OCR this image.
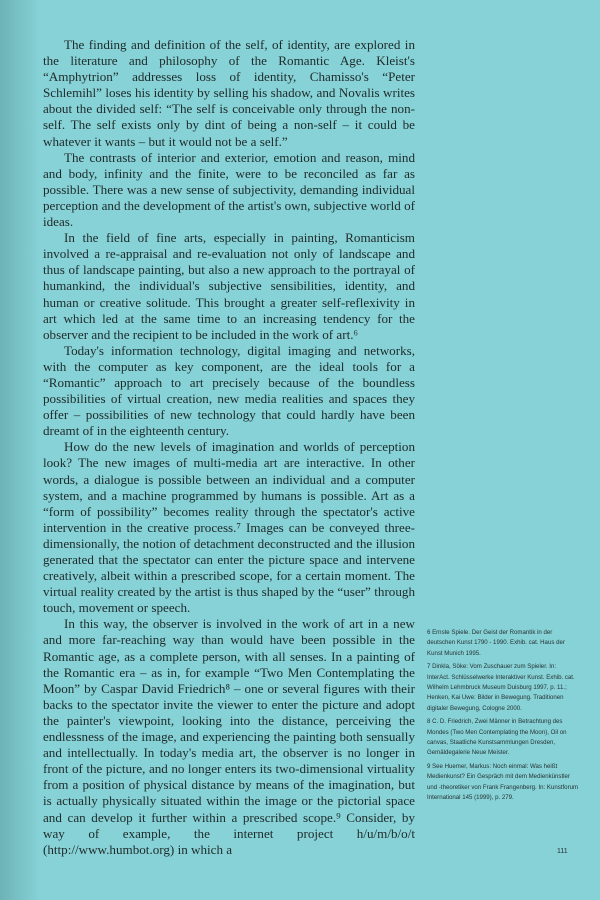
The finding and definition of the self, of identity, are explored in the literature and philosophy of the Romantic Age. Kleist's “Amphytrion” addresses loss of identity, Chamisso's “Peter Schlemihl” loses his identity by selling his shadow, and Novalis writes about the divided self: “The self is conceivable only through the non-self. The self exists only by dint of being a non-self – it could be whatever it wants – but it would not be a self.”

The contrasts of interior and exterior, emotion and reason, mind and body, infinity and the finite, were to be reconciled as far as possible. There was a new sense of subjectivity, demanding individual perception and the development of the artist's own, subjective world of ideas.

In the field of fine arts, especially in painting, Romanticism involved a re-appraisal and re-evaluation not only of landscape and thus of landscape painting, but also a new approach to the portrayal of humankind, the individual's subjective sensibilities, identity, and human or creative solitude. This brought a greater self-reflexivity in art which led at the same time to an increasing tendency for the observer and the recipient to be included in the work of art.⁶

Today's information technology, digital imaging and networks, with the computer as key component, are the ideal tools for a “Romantic” approach to art precisely because of the boundless possibilities of virtual creation, new media realities and spaces they offer – possibilities of new technology that could hardly have been dreamt of in the eighteenth century.

How do the new levels of imagination and worlds of perception look? The new images of multi-media art are interactive. In other words, a dialogue is possible between an individual and a computer system, and a machine programmed by humans is possible. Art as a “form of possibility” becomes reality through the spectator's active intervention in the creative process.⁷ Images can be conveyed three-dimensionally, the notion of detachment deconstructed and the illusion generated that the spectator can enter the picture space and intervene creatively, albeit within a prescribed scope, for a certain moment. The virtual reality created by the artist is thus shaped by the “user” through touch, movement or speech.

In this way, the observer is involved in the work of art in a new and more far-reaching way than would have been possible in the Romantic age, as a complete person, with all senses. In a painting of the Romantic era – as in, for example “Two Men Contemplating the Moon” by Caspar David Friedrich⁸ – one or several figures with their backs to the spectator invite the viewer to enter the picture and adopt the painter's viewpoint, looking into the distance, perceiving the endlessness of the image, and experiencing the painting both sensually and intellectually. In today's media art, the observer is no longer in front of the picture, and no longer enters its two-dimensional virtuality from a position of physical distance by means of the imagination, but is actually physically situated within the image or the pictorial space and can develop it further within a prescribed scope.⁹ Consider, by way of example, the internet project h/u/m/b/o/t (http://www.humbot.org) in which a

6 Ernste Spiele. Der Geist der Romantik in der deutschen Kunst 1790 - 1990. Exhib. cat. Haus der Kunst Munich 1995.

7 Dinkla, Söke: Vom Zuschauer zum Spieler. In: InterAct. Schlüsselwerke Interaktiver Kunst. Exhib. cat. Wilhelm Lehmbruck Museum Duisburg 1997, p. 11.; Henken, Kai Uwe: Bilder in Bewegung. Traditionen digitaler Bewegung, Cologne 2000.

8 C. D. Friedrich, Zwei Männer in Betrachtung des Mondes (Two Men Contemplating the Moon), Oil on canvas, Staatliche Kunstsammlungen Dresden, Gemäldegalerie Neue Meister.

9 See Huemer, Markus: Noch einmal: Was heißt Medienkunst? Ein Gespräch mit dem Medienkünstler und -theoretiker von Frank Frangenberg. In: Kunstforum International 145 (1999), p. 279.

111
